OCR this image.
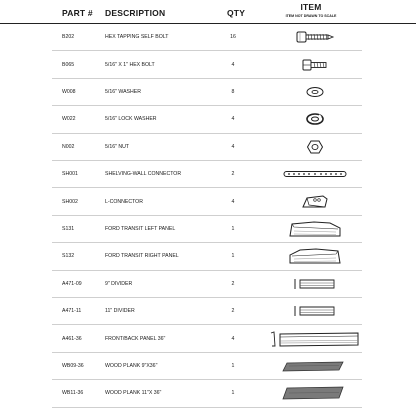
PART # DESCRIPTION	QTY
ITEM
ITEM NOT DRAWN TO SCALE
B202	HEX TAPPING SELF BOLT	16
B065	5/16" X 1" HEX BOLT	4
W008	5/16" WASHER	8
W022	5/16" LOCK WASHER	4
N002	5/16" NUT	4
SH001	SHELVING-WALL CONNECTOR	2
SH002	L-CONNECTOR	4
S131	FORD TRANSIT LEFT PANEL	1
S132	FORD TRANSIT RIGHT PANEL	1
A471-09	9" DIVIDER	2
A471-11	11" DIVIDER	2
A461-36	FRONT/BACK PANEL 36"	4
WB09-36	WOOD PLANK 9"X36"	1
WB11-36	WOOD PLANK 11"X 36"	1
